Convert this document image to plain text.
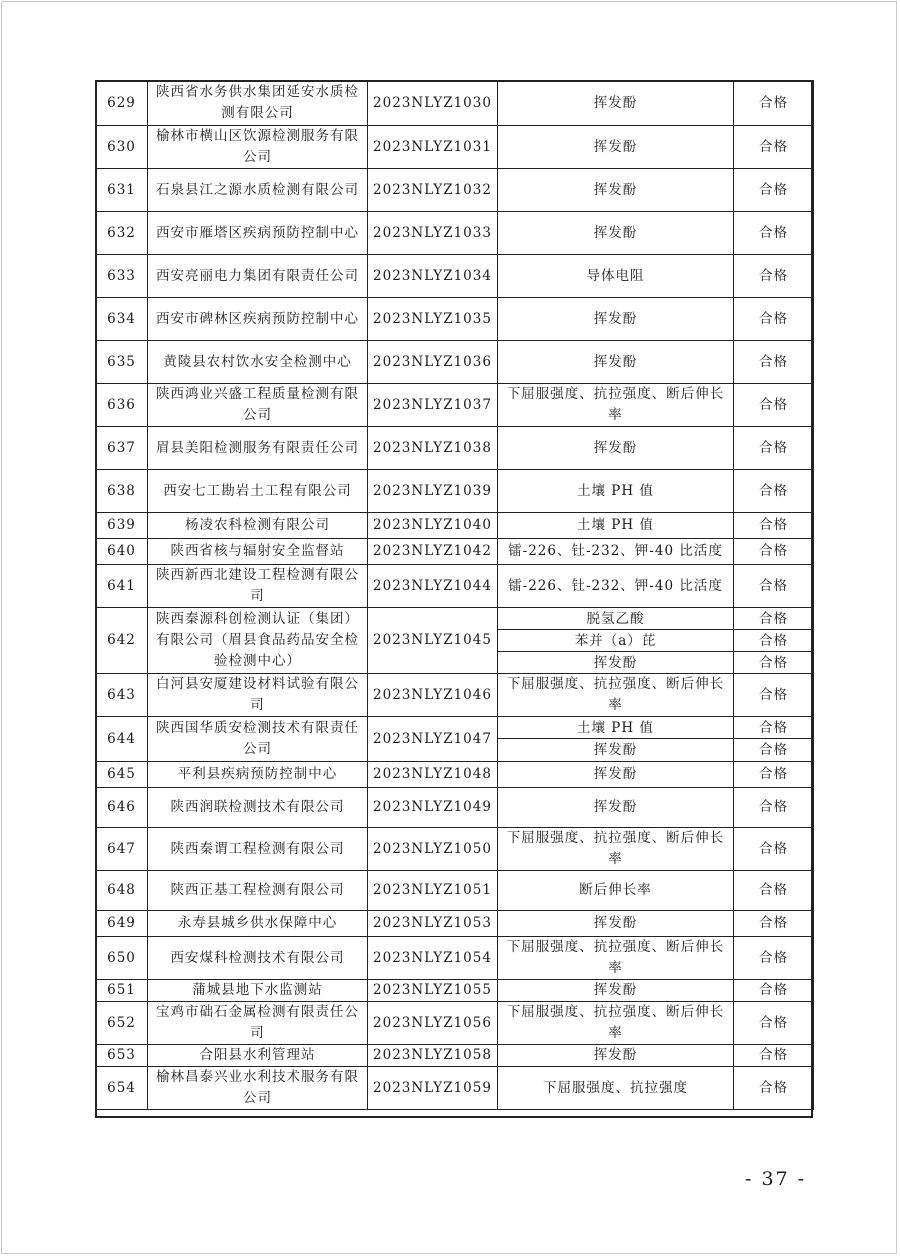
629	陕西省水务供水集团延安水质检测有限公司	2023NLYZ1030	挥发酚	合格
630	榆林市横山区饮源检测服务有限公司	2023NLYZ1031	挥发酚	合格
631	石泉县江之源水质检测有限公司	2023NLYZ1032	挥发酚	合格
632	西安市雁塔区疾病预防控制中心	2023NLYZ1033	挥发酚	合格
633	西安亮丽电力集团有限责任公司	2023NLYZ1034	导体电阻	合格
634	西安市碑林区疾病预防控制中心	2023NLYZ1035	挥发酚	合格
635	黄陵县农村饮水安全检测中心	2023NLYZ1036	挥发酚	合格
636	陕西鸿业兴盛工程质量检测有限公司	2023NLYZ1037	下屈服强度、抗拉强度、断后伸长率	合格
637	眉县美阳检测服务有限责任公司	2023NLYZ1038	挥发酚	合格
638	西安七工勘岩土工程有限公司	2023NLYZ1039	土壤 PH 值	合格
639	杨凌农科检测有限公司	2023NLYZ1040	土壤 PH 值	合格
640	陕西省核与辐射安全监督站	2023NLYZ1042	镭-226、钍-232、钾-40 比活度	合格
641	陕西新西北建设工程检测有限公司	2023NLYZ1044	镭-226、钍-232、钾-40 比活度	合格
642	陕西秦源科创检测认证（集团）有限公司（眉县食品药品安全检验检测中心）	2023NLYZ1045	脱氢乙酸	合格
			苯并（a）芘	合格
			挥发酚	合格
643	白河县安厦建设材料试验有限公司	2023NLYZ1046	下屈服强度、抗拉强度、断后伸长率	合格
644	陕西国华质安检测技术有限责任公司	2023NLYZ1047	土壤 PH 值	合格
			挥发酚	合格
645	平利县疾病预防控制中心	2023NLYZ1048	挥发酚	合格
646	陕西润联检测技术有限公司	2023NLYZ1049	挥发酚	合格
647	陕西秦谓工程检测有限公司	2023NLYZ1050	下屈服强度、抗拉强度、断后伸长率	合格
648	陕西正基工程检测有限公司	2023NLYZ1051	断后伸长率	合格
649	永寿县城乡供水保障中心	2023NLYZ1053	挥发酚	合格
650	西安煤科检测技术有限公司	2023NLYZ1054	下屈服强度、抗拉强度、断后伸长率	合格
651	蒲城县地下水监测站	2023NLYZ1055	挥发酚	合格
652	宝鸡市础石金属检测有限责任公司	2023NLYZ1056	下屈服强度、抗拉强度、断后伸长率	合格
653	合阳县水利管理站	2023NLYZ1058	挥发酚	合格
654	榆林昌泰兴业水利技术服务有限公司	2023NLYZ1059	下屈服强度、抗拉强度	合格
- 37 -
